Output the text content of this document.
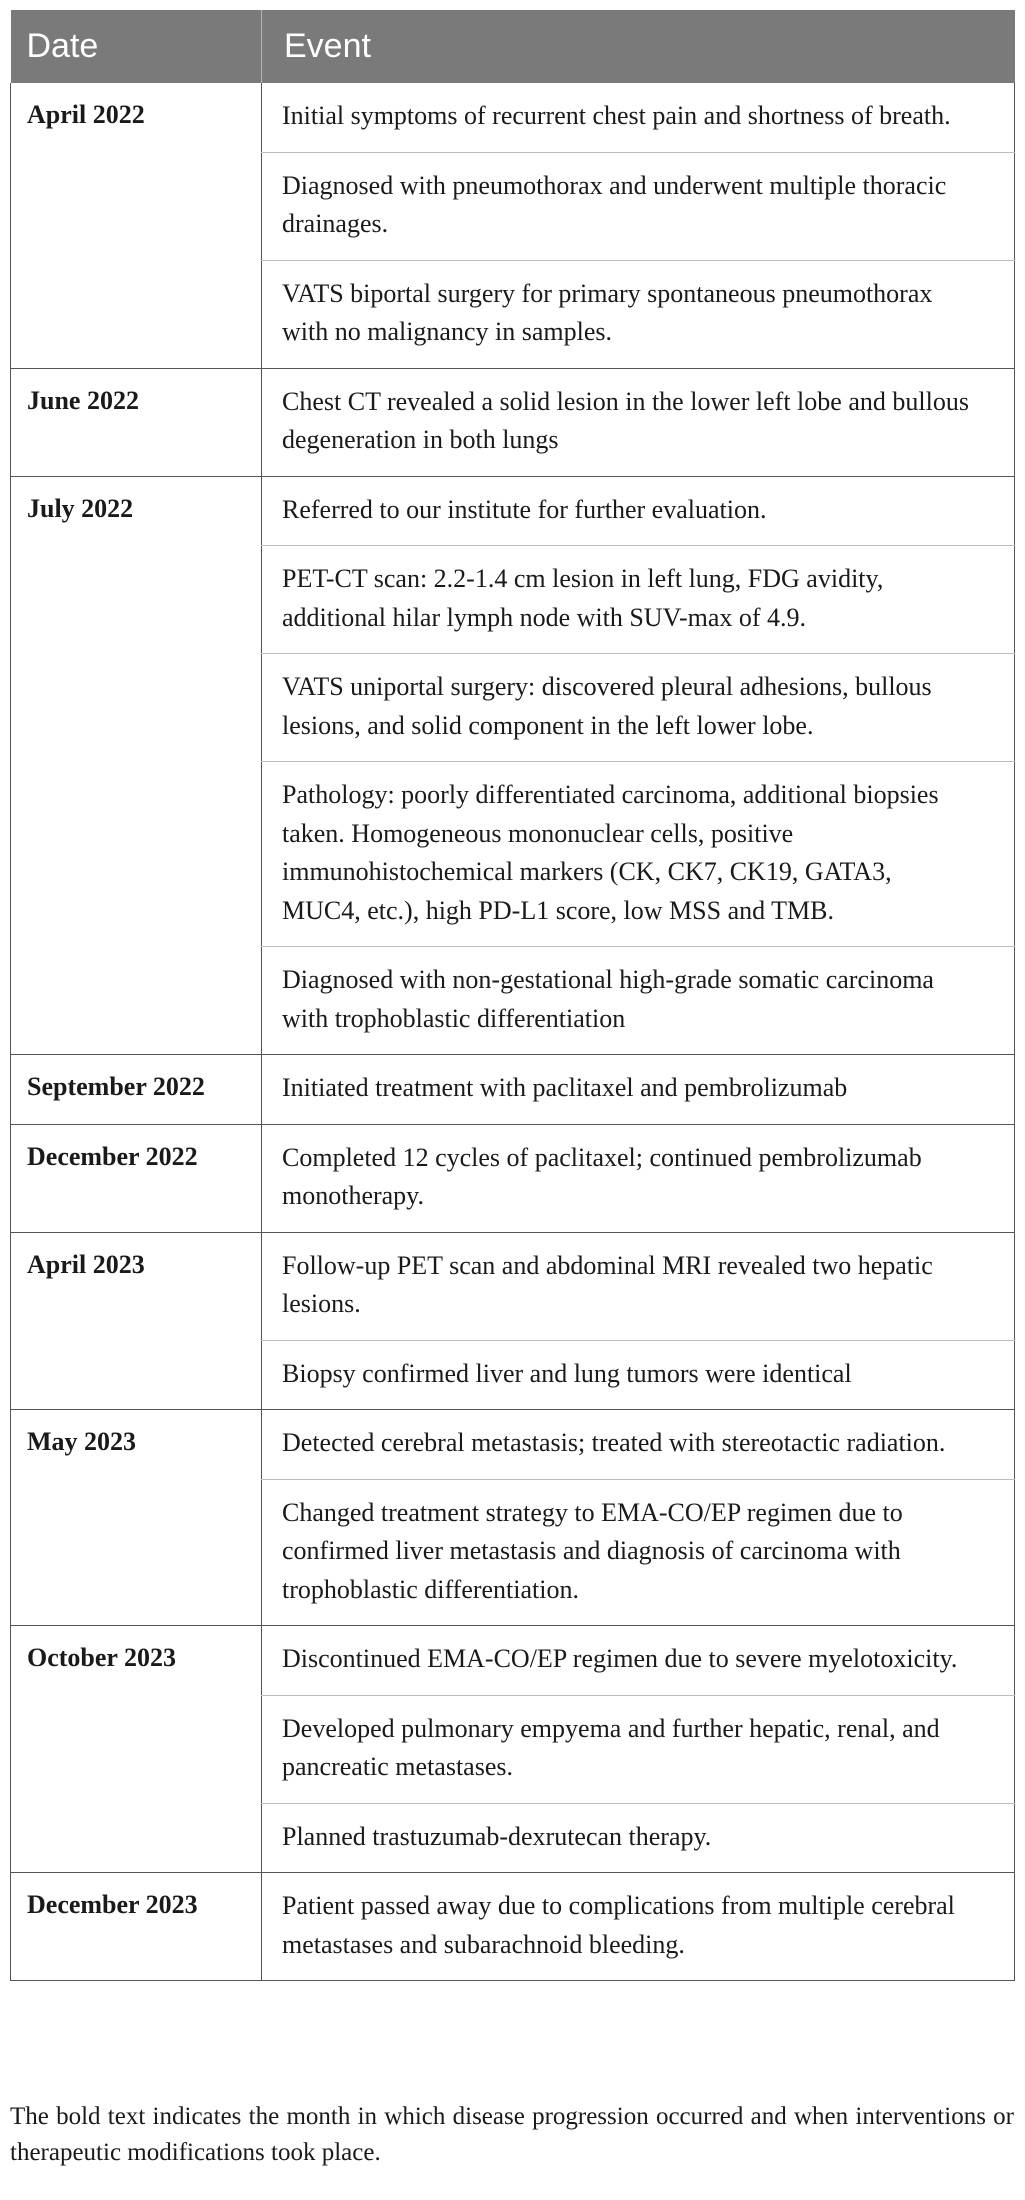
Date	Event
April 2022	Initial symptoms of recurrent chest pain and shortness of breath.
	Diagnosed with pneumothorax and underwent multiple thoracic drainages.
	VATS biportal surgery for primary spontaneous pneumothorax with no malignancy in samples.
June 2022	Chest CT revealed a solid lesion in the lower left lobe and bullous degeneration in both lungs
July 2022	Referred to our institute for further evaluation.
	PET-CT scan: 2.2-1.4 cm lesion in left lung, FDG avidity, additional hilar lymph node with SUV-max of 4.9.
	VATS uniportal surgery: discovered pleural adhesions, bullous lesions, and solid component in the left lower lobe.
	Pathology: poorly differentiated carcinoma, additional biopsies taken. Homogeneous mononuclear cells, positive immunohistochemical markers (CK, CK7, CK19, GATA3, MUC4, etc.), high PD-L1 score, low MSS and TMB.
	Diagnosed with non-gestational high-grade somatic carcinoma with trophoblastic differentiation
September 2022	Initiated treatment with paclitaxel and pembrolizumab
December 2022	Completed 12 cycles of paclitaxel; continued pembrolizumab monotherapy.
April 2023	Follow-up PET scan and abdominal MRI revealed two hepatic lesions.
	Biopsy confirmed liver and lung tumors were identical
May 2023	Detected cerebral metastasis; treated with stereotactic radiation.
	Changed treatment strategy to EMA-CO/EP regimen due to confirmed liver metastasis and diagnosis of carcinoma with trophoblastic differentiation.
October 2023	Discontinued EMA-CO/EP regimen due to severe myelotoxicity.
	Developed pulmonary empyema and further hepatic, renal, and pancreatic metastases.
	Planned trastuzumab-dexrutecan therapy.
December 2023	Patient passed away due to complications from multiple cerebral metastases and subarachnoid bleeding.

The bold text indicates the month in which disease progression occurred and when interventions or therapeutic modifications took place.
